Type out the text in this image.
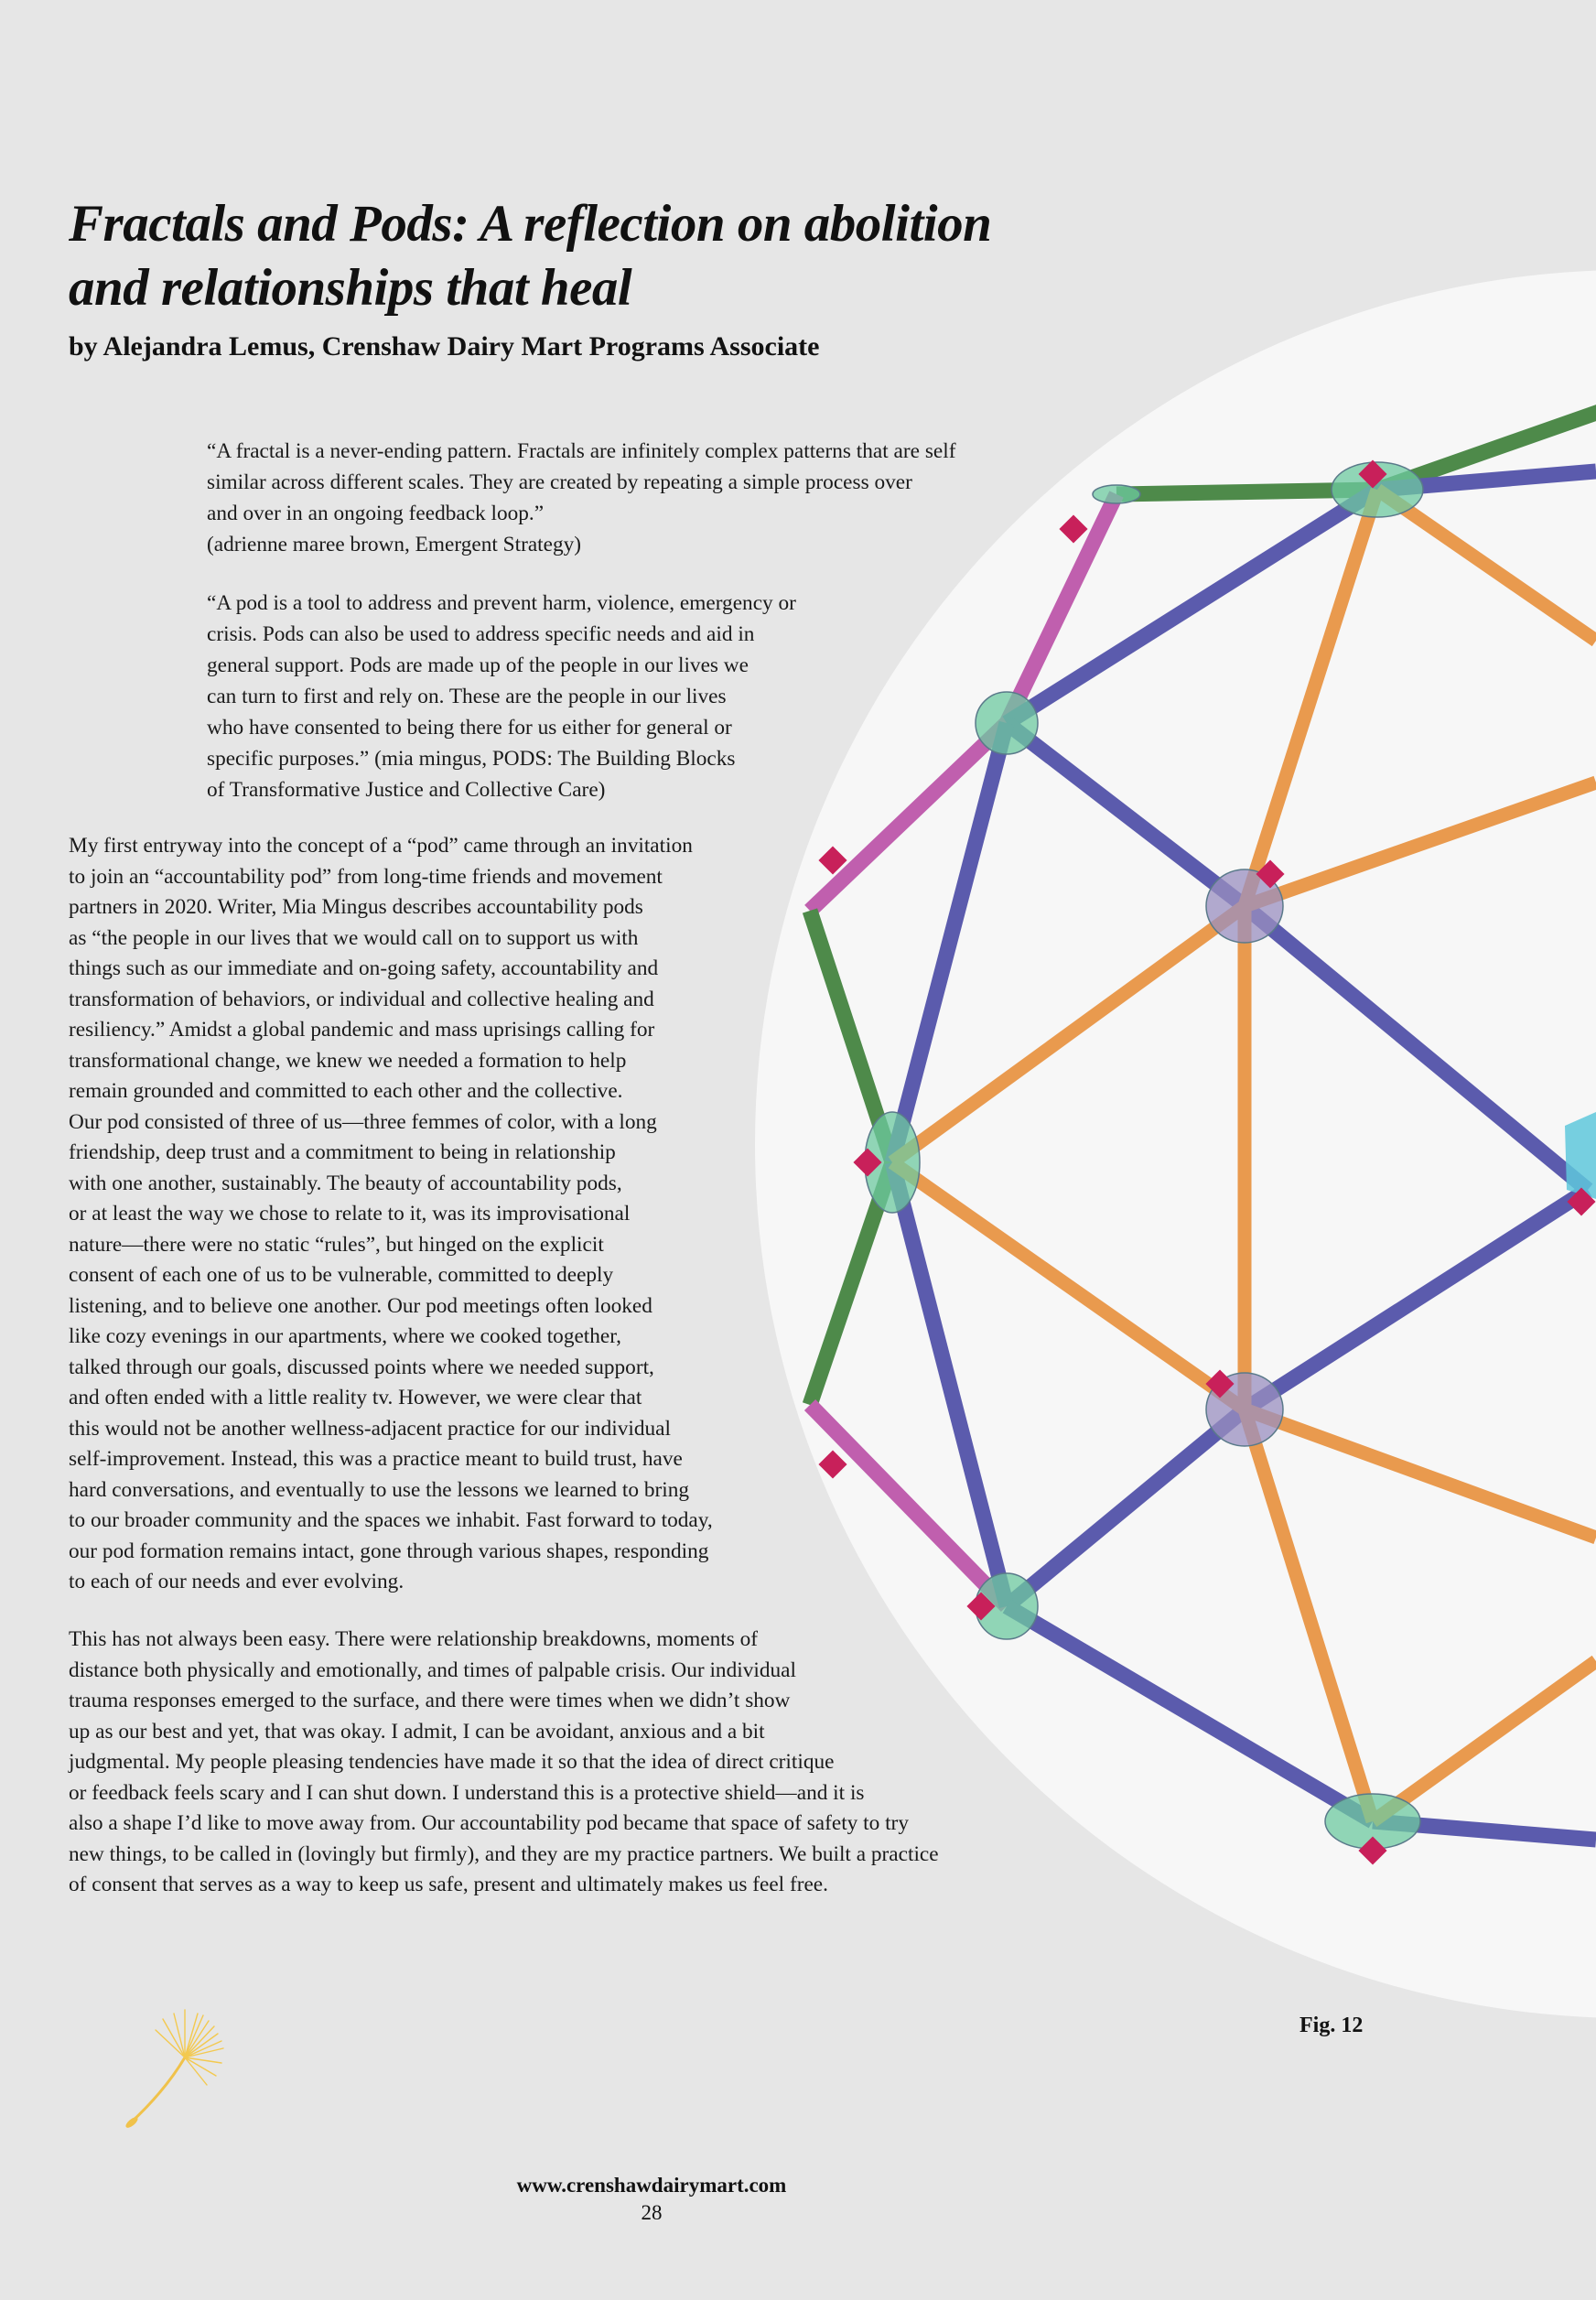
Fractals and Pods: A reflection on abolition
and relationships that heal

by Alejandra Lemus, Crenshaw Dairy Mart Programs Associate

“A fractal is a never-ending pattern. Fractals are infinitely complex patterns that are self
similar across different scales. They are created by repeating a simple process over
and over in an ongoing feedback loop.”
(adrienne maree brown, Emergent Strategy)

“A pod is a tool to address and prevent harm, violence, emergency or
crisis. Pods can also be used to address specific needs and aid in
general support. Pods are made up of the people in our lives we
can turn to first and rely on. These are the people in our lives
who have consented to being there for us either for general or
specific purposes.” (mia mingus, PODS: The Building Blocks
of Transformative Justice and Collective Care)

My first entryway into the concept of a “pod” came through an invitation
to join an “accountability pod” from long-time friends and movement
partners in 2020. Writer, Mia Mingus describes accountability pods
as “the people in our lives that we would call on to support us with
things such as our immediate and on-going safety, accountability and
transformation of behaviors, or individual and collective healing and
resiliency.” Amidst a global pandemic and mass uprisings calling for
transformational change, we knew we needed a formation to help
remain grounded and committed to each other and the collective.
Our pod consisted of three of us—three femmes of color, with a long
friendship, deep trust and a commitment to being in relationship
with one another, sustainably. The beauty of accountability pods,
or at least the way we chose to relate to it, was its improvisational
nature—there were no static “rules”, but hinged on the explicit
consent of each one of us to be vulnerable, committed to deeply
listening, and to believe one another. Our pod meetings often looked
like cozy evenings in our apartments, where we cooked together,
talked through our goals, discussed points where we needed support,
and often ended with a little reality tv. However, we were clear that
this would not be another wellness-adjacent practice for our individual
self-improvement. Instead, this was a practice meant to build trust, have
hard conversations, and eventually to use the lessons we learned to bring
to our broader community and the spaces we inhabit. Fast forward to today,
our pod formation remains intact, gone through various shapes, responding
to each of our needs and ever evolving.

This has not always been easy. There were relationship breakdowns, moments of
distance both physically and emotionally, and times of palpable crisis. Our individual
trauma responses emerged to the surface, and there were times when we didn’t show
up as our best and yet, that was okay. I admit, I can be avoidant, anxious and a bit
judgmental. My people pleasing tendencies have made it so that the idea of direct critique
or feedback feels scary and I can shut down. I understand this is a protective shield—and it is
also a shape I’d like to move away from. Our accountability pod became that space of safety to try
new things, to be called in (lovingly but firmly), and they are my practice partners. We built a practice
of consent that serves as a way to keep us safe, present and ultimately makes us feel free.

Fig. 12
www.crenshawdairymart.com
28
